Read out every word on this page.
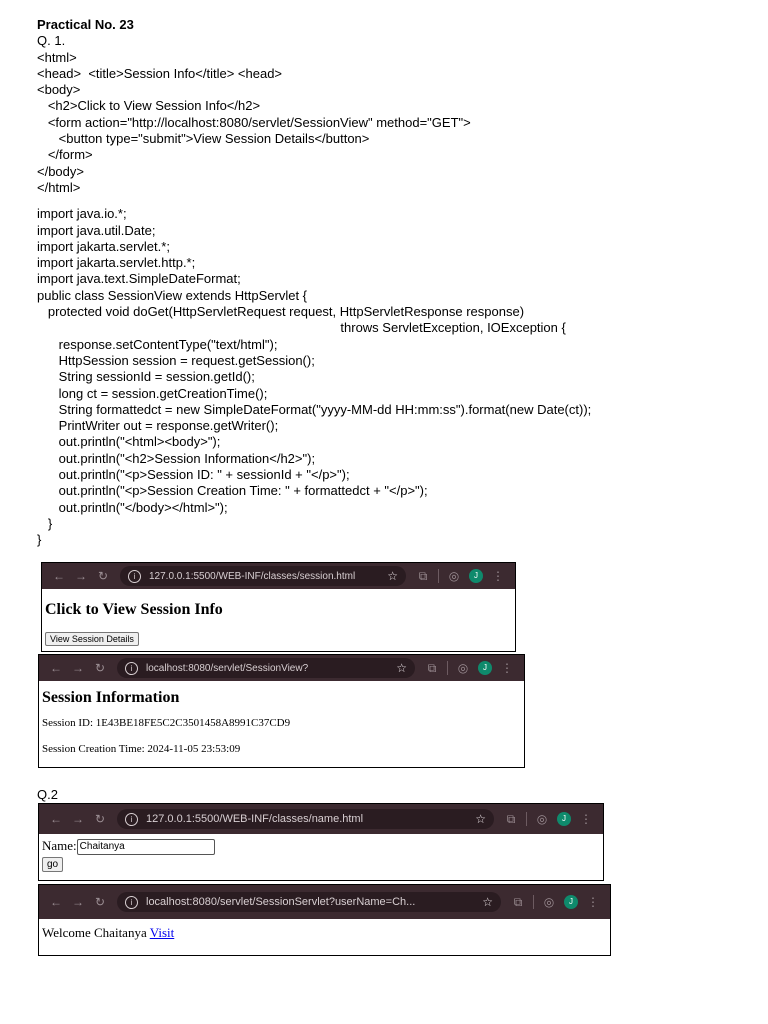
Practical No. 23
Q. 1.
<html>
<head>  <title>Session Info</title> <head>
<body>
<h2>Click to View Session Info</h2>
<form action="http://localhost:8080/servlet/SessionView" method="GET">
<button type="submit">View Session Details</button>
</form>
</body>
</html>
import java.io.*;
import java.util.Date;
import jakarta.servlet.*;
import jakarta.servlet.http.*;
import java.text.SimpleDateFormat;
public class SessionView extends HttpServlet {
protected void doGet(HttpServletRequest request, HttpServletResponse response)
throws ServletException, IOException {
response.setContentType("text/html");
HttpSession session = request.getSession();
String sessionId = session.getId();
long ct = session.getCreationTime();
String formattedct = new SimpleDateFormat("yyyy-MM-dd HH:mm:ss").format(new Date(ct));
PrintWriter out = response.getWriter();
out.println("<html><body>");
out.println("<h2>Session Information</h2>");
out.println("<p>Session ID: " + sessionId + "</p>");
out.println("<p>Session Creation Time: " + formattedct + "</p>");
out.println("</body></html>");
}
}
← → ↻	i	127.0.0.1:5500/WEB-INF/classes/session.html	☆	⧉	◎	J	⋮
Click to View Session Info
View Session Details
← → ↻	i	localhost:8080/servlet/SessionView?	☆	⧉	◎	J	⋮
Session Information

Session ID: 1E43BE18FE5C2C3501458A8991C37CD9

Session Creation Time: 2024-11-05 23:53:09

Q.2
← → ↻	i	127.0.0.1:5500/WEB-INF/classes/name.html	☆	⧉	◎	J	⋮
Name: Chaitanya
go
← → ↻	i	localhost:8080/servlet/SessionServlet?userName=Ch...	☆	⧉	◎	J	⋮
Welcome Chaitanya Visit
